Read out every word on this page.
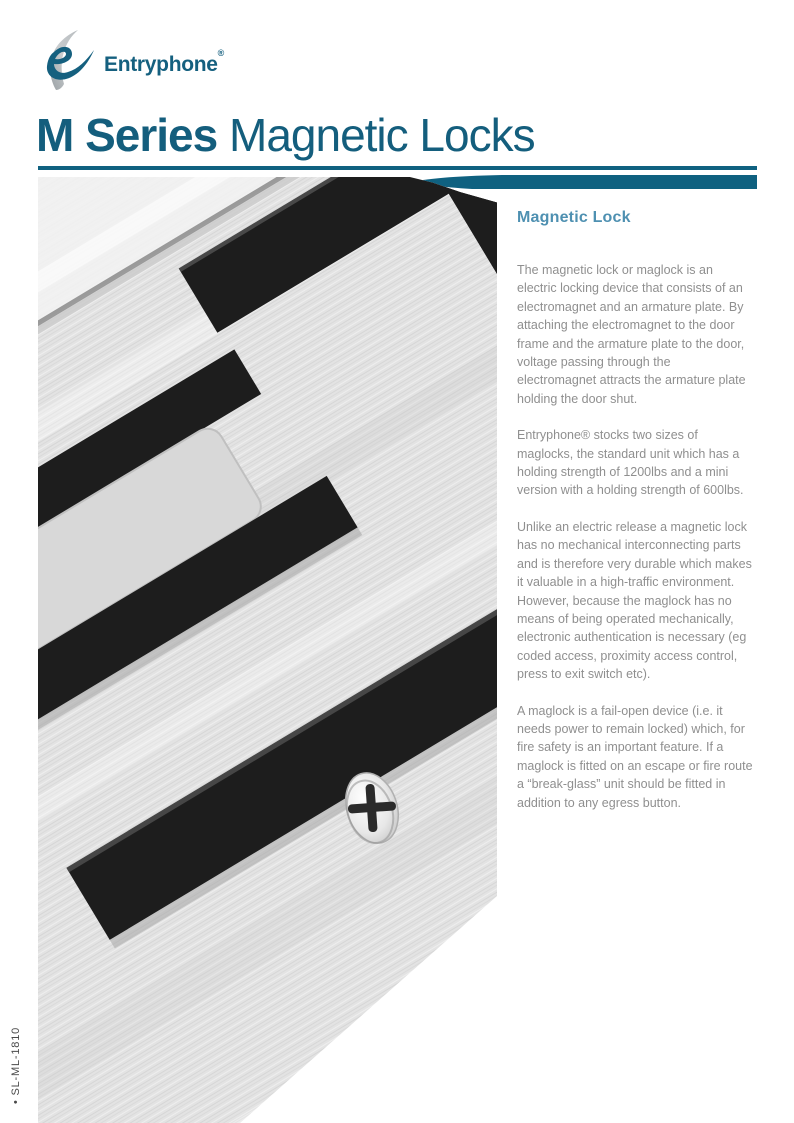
Entryphone®
M Series Magnetic Locks
Magnetic Lock

The magnetic lock or maglock is an electric locking device that consists of an electromagnet and an armature plate. By attaching the electromagnet to the door frame and the armature plate to the door, voltage passing through the electromagnet attracts the armature plate holding the door shut.

Entryphone® stocks two sizes of maglocks, the standard unit which has a holding strength of 1200lbs and a mini version with a holding strength of 600lbs.

Unlike an electric release a magnetic lock has no mechanical interconnecting parts and is therefore very durable which makes it valuable in a high-traffic environment. However, because the maglock has no means of being operated mechanically, electronic authentication is necessary (eg coded access, proximity access control, press to exit switch etc).

A maglock is a fail-open device (i.e. it needs power to remain locked) which, for fire safety is an important feature. If a maglock is fitted on an escape or fire route a “break-glass” unit should be fitted in addition to any egress button.

• SL-ML-1810
